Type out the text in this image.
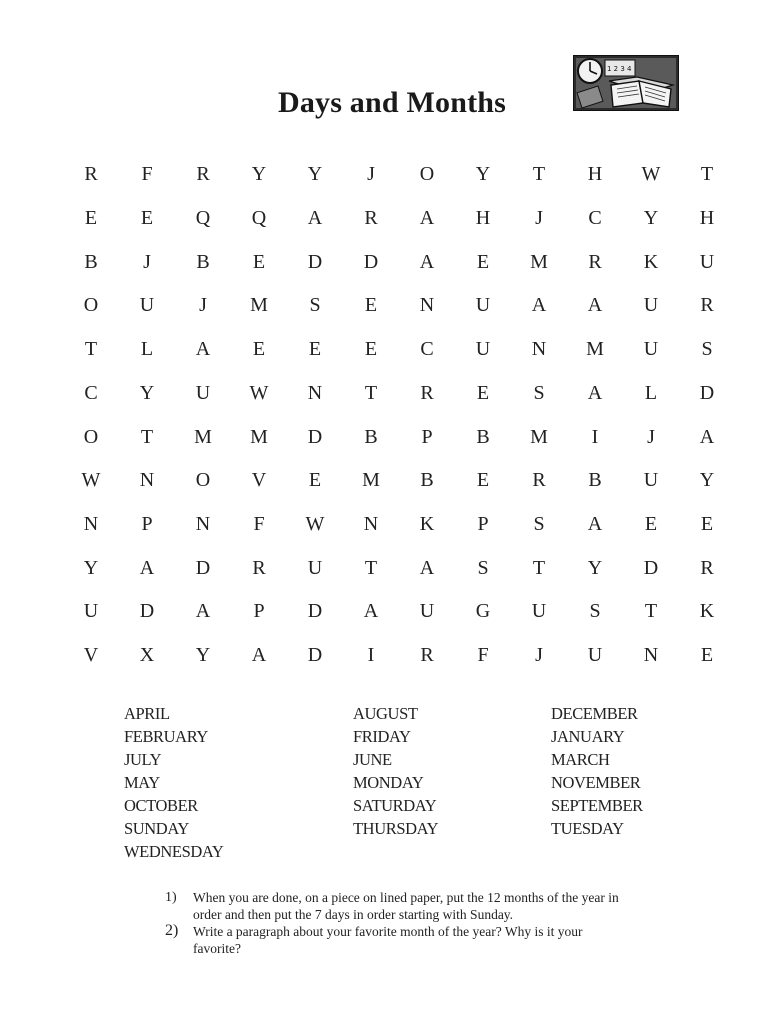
Days and Months
1 2 3 4
R	F	R	Y	Y	J	O	Y	T	H	W	T
E	E	Q	Q	A	R	A	H	J	C	Y	H
B	J	B	E	D	D	A	E	M	R	K	U
O	U	J	M	S	E	N	U	A	A	U	R
T	L	A	E	E	E	C	U	N	M	U	S
C	Y	U	W	N	T	R	E	S	A	L	D
O	T	M	M	D	B	P	B	M	I	J	A
W	N	O	V	E	M	B	E	R	B	U	Y
N	P	N	F	W	N	K	P	S	A	E	E
Y	A	D	R	U	T	A	S	T	Y	D	R
U	D	A	P	D	A	U	G	U	S	T	K
V	X	Y	A	D	I	R	F	J	U	N	E
APRIL
FEBRUARY
JULY
MAY
OCTOBER
SUNDAY
WEDNESDAY
AUGUST
FRIDAY
JUNE
MONDAY
SATURDAY
THURSDAY
DECEMBER
JANUARY
MARCH
NOVEMBER
SEPTEMBER
TUESDAY
1) When you are done, on a piece on lined paper, put the 12 months of the year in order and then put the 7 days in order starting with Sunday.
2) Write a paragraph about your favorite month of the year? Why is it your favorite?
